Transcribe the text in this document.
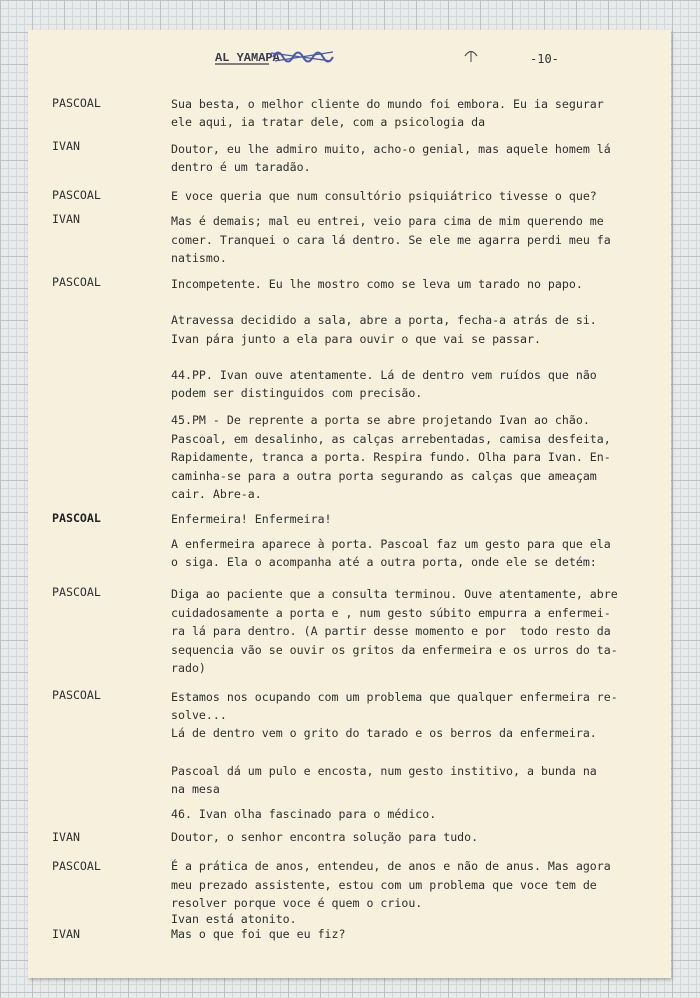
AL YAMAPA	-10-
PASCOAL	Sua besta, o melhor cliente do mundo foi embora. Eu ia segurar
ele aqui, ia tratar dele, com a psicologia da
IVAN	Doutor, eu lhe admiro muito, acho-o genial, mas aquele homem lá
dentro é um taradão.
PASCOAL	E voce queria que num consultório psiquiátrico tivesse o que?
IVAN	Mas é demais; mal eu entrei, veio para cima de mim querendo me
comer. Tranquei o cara lá dentro. Se ele me agarra perdi meu fa
natismo.
PASCOAL	Incompetente. Eu lhe mostro como se leva um tarado no papo.
Atravessa decidido a sala, abre a porta, fecha-a atrás de si.
Ivan pára junto a ela para ouvir o que vai se passar.
44.PP. Ivan ouve atentamente. Lá de dentro vem ruídos que não
podem ser distinguidos com precisão.
45.PM - De reprente a porta se abre projetando Ivan ao chão.
Pascoal, em desalinho, as calças arrebentadas, camisa desfeita,
Rapidamente, tranca a porta. Respira fundo. Olha para Ivan. En-
caminha-se para a outra porta segurando as calças que ameaçam
cair. Abre-a.
PASCOAL	Enfermeira! Enfermeira!
A enfermeira aparece à porta. Pascoal faz um gesto para que ela
o siga. Ela o acompanha até a outra porta, onde ele se detém:
PASCOAL	Diga ao paciente que a consulta terminou. Ouve atentamente, abre
cuidadosamente a porta e , num gesto súbito empurra a enfermei-
ra lá para dentro. (A partir desse momento e por  todo resto da
sequencia vão se ouvir os gritos da enfermeira e os urros do ta-
rado)
PASCOAL	Estamos nos ocupando com um problema que qualquer enfermeira re-
solve...
Lá de dentro vem o grito do tarado e os berros da enfermeira.
Pascoal dá um pulo e encosta, num gesto institivo, a bunda na
na mesa
46. Ivan olha fascinado para o médico.
IVAN	Doutor, o senhor encontra solução para tudo.
PASCOAL	É a prática de anos, entendeu, de anos e não de anus. Mas agora
meu prezado assistente, estou com um problema que voce tem de
resolver porque voce é quem o criou.
Ivan está atonito.
IVAN	Mas o que foi que eu fiz?
